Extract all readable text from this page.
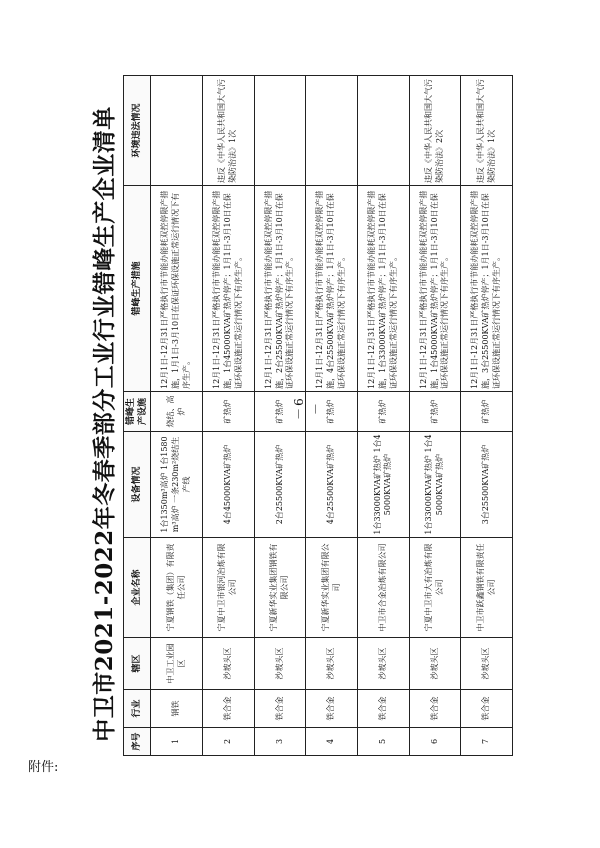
附件:
－6－
中卫市2021-2022年冬春季部分工业行业错峰生产企业清单 序号	行业	辖区	企业名称	设备情况	错峰生产设施	错峰生产措施	环境违法情况
1	钢铁	中卫工业园区	宁夏钢铁（集团）有限责任公司	1台1350m³高炉 1台1580m³高炉 一条230m²烧结生产线	烧结、高炉	12月1日-12月31日严格执行市节能办能耗双控停限产措施，1月1日-3月10日在保证环保设施正常运行情况下有序生产。	
2	铁合金	沙坡头区	宁夏中卫市银河冶炼有限公司	4台45000KVA矿热炉	矿热炉	12月1日-12月31日严格执行市节能办能耗双控停限产措施，1台45000KVA矿热炉停产；1月1日-3月10日在保证环保设施正常运行情况下有序生产。	违反《中华人民共和国大气污染防治法》1次
3	铁合金	沙坡头区	宁夏新华实业集团钢铁有限公司	2台25500KVA矿热炉	矿热炉	12月1日-12月31日严格执行市节能办能耗双控停限产措施，2台25500KVA矿热炉停产；1月1日-3月10日在保证环保设施正常运行情况下有序生产。	
4	铁合金	沙坡头区	宁夏新华实业集团有限公司	4台25500KVA矿热炉	矿热炉	12月1日-12月31日严格执行市节能办能耗双控停限产措施，4台25500KVA矿热炉停产；1月1日-3月10日在保证环保设施正常运行情况下有序生产。	
5	铁合金	沙坡头区	中卫市合金冶炼有限公司	1台33000KVA矿热炉 1台45000KVA矿热炉	矿热炉	12月1日-12月31日严格执行市节能办能耗双控停限产措施，1台33000KVA矿热炉停产；1月1日-3月10日在保证环保设施正常运行情况下有序生产。	
6	铁合金	沙坡头区	宁夏中卫市大有冶炼有限公司	1台33000KVA矿热炉 1台45000KVA矿热炉	矿热炉	12月1日-12月31日严格执行市节能办能耗双控停限产措施，1台45000KVA矿热炉停产；1月1日-3月10日在保证环保设施正常运行情况下有序生产。	违反《中华人民共和国大气污染防治法》2次
7	铁合金	沙坡头区	中卫市跃鑫钢铁有限责任公司	3台25500KVA矿热炉	矿热炉	12月1日-12月31日严格执行市节能办能耗双控停限产措施，3台25500KVA矿热炉停产；1月1日-3月10日在保证环保设施正常运行情况下有序生产。	违反《中华人民共和国大气污染防治法》1次
